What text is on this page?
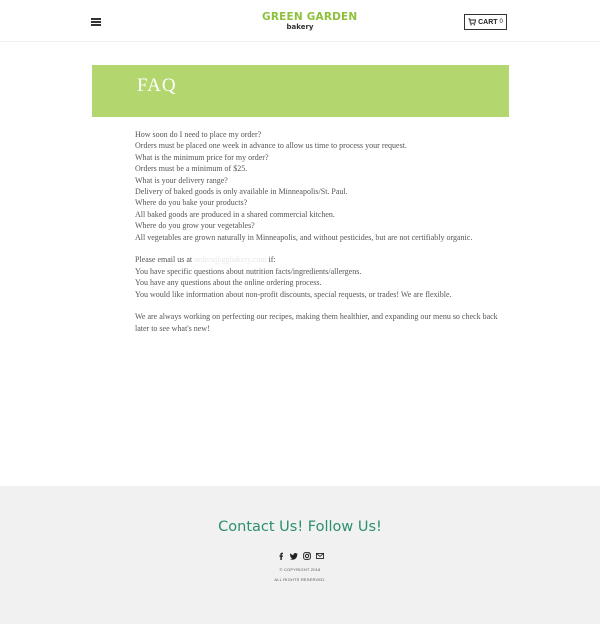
GREEN GARDEN
bakery
CART 0
FAQ

How soon do I need to place my order?

Orders must be placed one week in advance to allow us time to process your request.

What is the minimum price for my order?

Orders must be a minimum of $25.

What is your delivery range?

Delivery of baked goods is only available in Minneapolis/St. Paul.

Where do you bake your products?

All baked goods are produced in a shared commercial kitchen.

Where do you grow your vegetables?

All vegetables are grown naturally in Minneapolis, and without pesticides, but are not certifiably organic.

Please email us at orders@ggbakery.com if:

You have specific questions about nutrition facts/ingredients/allergens.

You have any questions about the online ordering process.

You would like information about non-profit discounts, special requests, or trades! We are flexible.

We are always working on perfecting our recipes, making them healthier, and expanding our menu so check back later to see what's new!

Contact Us! Follow Us!
© COPYRIGHT 2018
ALL RIGHTS RESERVED.
